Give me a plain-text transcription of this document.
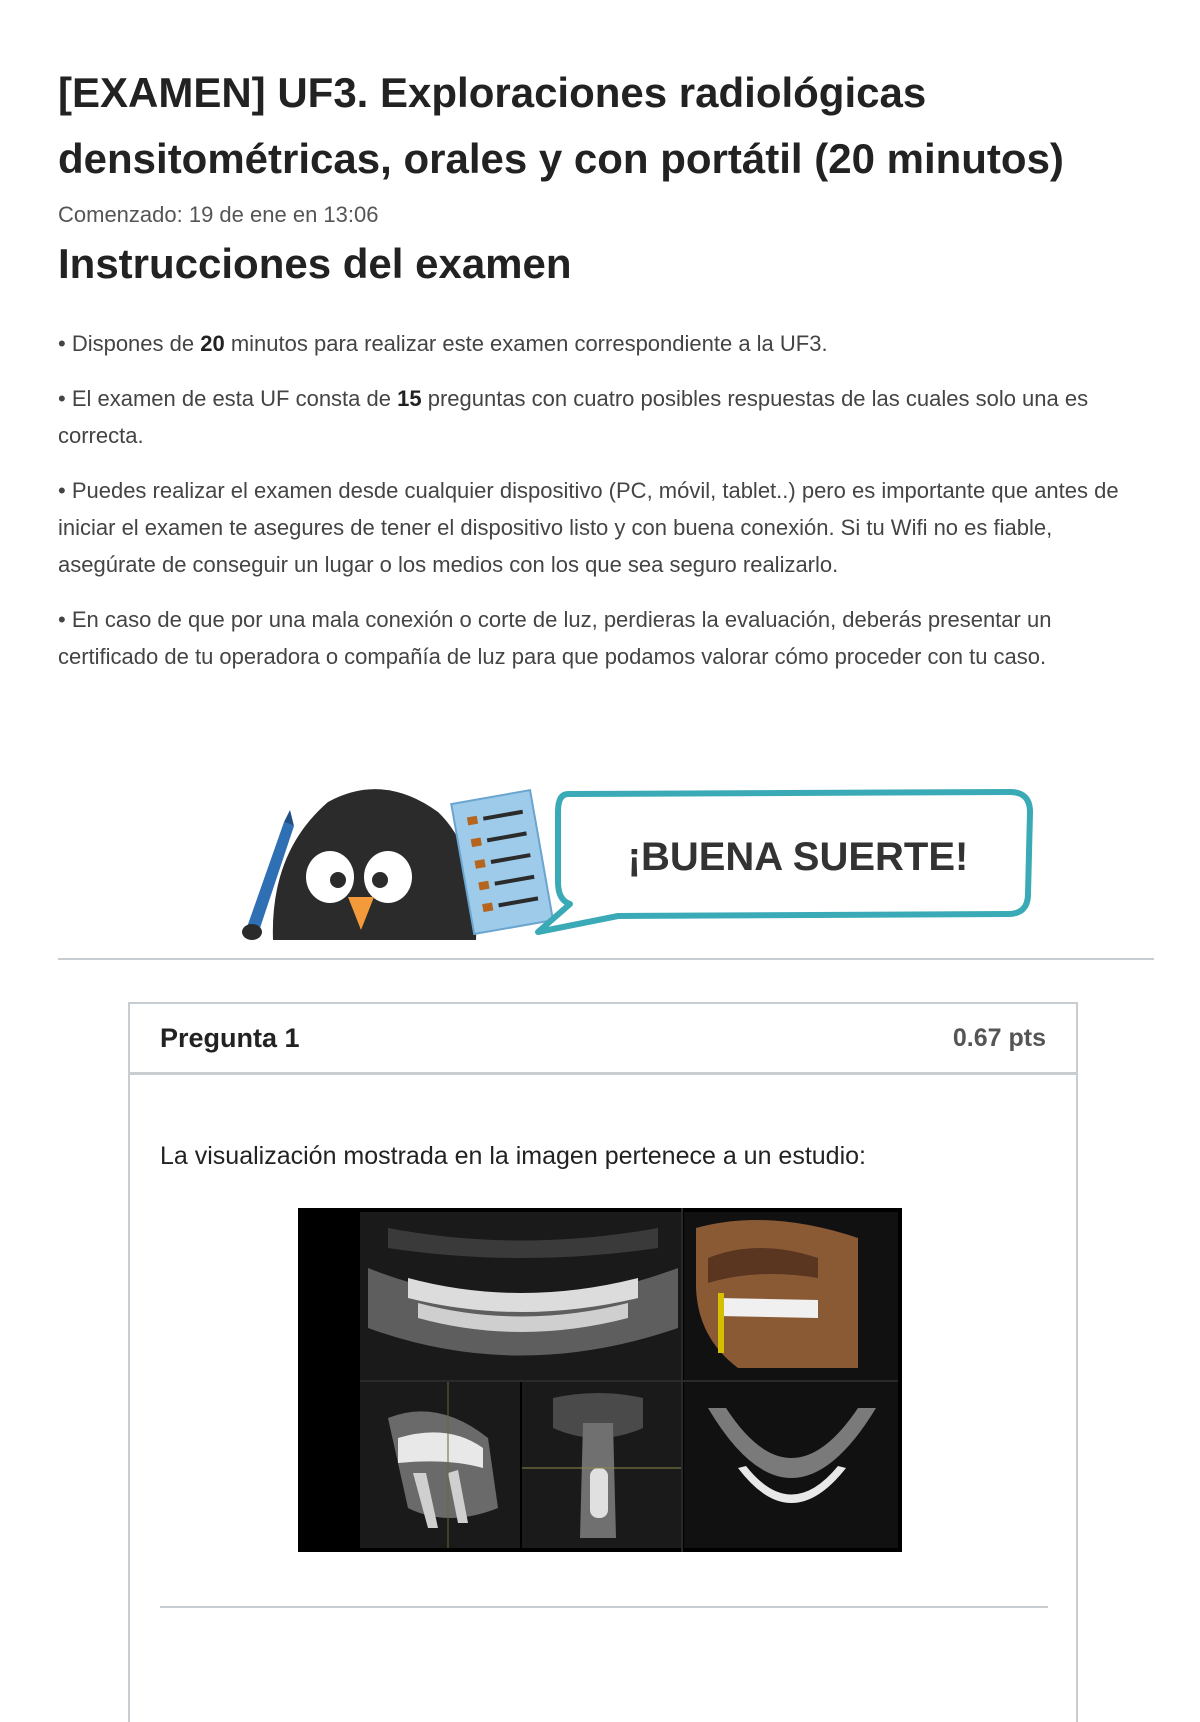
[EXAMEN] UF3. Exploraciones radiológicas densitométricas, orales y con portátil (20 minutos)
Comenzado: 19 de ene en 13:06
Instrucciones del examen

• Dispones de 20 minutos para realizar este examen correspondiente a la UF3.

• El examen de esta UF consta de 15 preguntas con cuatro posibles respuestas de las cuales solo una es correcta.

• Puedes realizar el examen desde cualquier dispositivo (PC, móvil, tablet..) pero es importante que antes de iniciar el examen te asegures de tener el dispositivo listo y con buena conexión. Si tu Wifi no es fiable, asegúrate de conseguir un lugar o los medios con los que sea seguro realizarlo.

• En caso de que por una mala conexión o corte de luz, perdieras la evaluación, deberás presentar un certificado de tu operadora o compañía de luz para que podamos valorar cómo proceder con tu caso.

¡BUENA SUERTE!
Pregunta 1	0.67 pts
La visualización mostrada en la imagen pertenece a un estudio:
